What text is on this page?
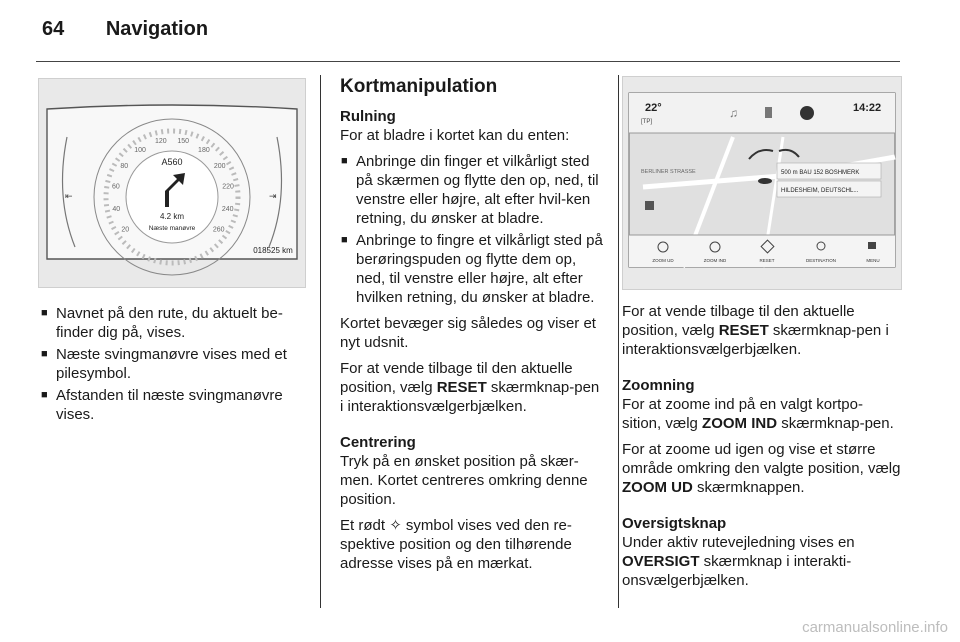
64 Navigation
20
40
60
80
100
120 150
180
200
220
240
260
A560
4.2 km
Næste manøvre
018525 km
⇤	⇥
22°
[TP]
♫	14:22
BERLINER STRASSE	500 m BAU 152 BOSHMERK
HILDESHEIM, DEUTSCHL...
ZOOM UD	ZOOM IND	RESET	DESTINATION	MENU
■ Navnet på den rute, du aktuelt be-finder dig på, vises.
■ Næste svingmanøvre vises med et pilesymbol.
■ Afstanden til næste svingmanøvre vises.
Kortmanipulation
Rulning

For at bladre i kortet kan du enten:

■ Anbringe din finger et vilkårligt sted på skærmen og flytte den op, ned, til venstre eller højre, alt efter hvil-ken retning, du ønsker at bladre.
■ Anbringe to fingre et vilkårligt sted på berøringspuden og flytte dem op, ned, til venstre eller højre, alt efter hvilken retning, du ønsker at bladre.

Kortet bevæger sig således og viser et nyt udsnit.

For at vende tilbage til den aktuelle position, vælg RESET skærmknap-pen i interaktionsvælgerbjælken.

Centrering

Tryk på en ønsket position på skær-men. Kortet centreres omkring denne position.

Et rødt ✧ symbol vises ved den re-spektive position og den tilhørende adresse vises på en mærkat.

For at vende tilbage til den aktuelle position, vælg RESET skærmknap-pen i interaktionsvælgerbjælken.

Zoomning

For at zoome ind på en valgt kortpo-sition, vælg ZOOM IND skærmknap-pen.

For at zoome ud igen og vise et større område omkring den valgte position, vælg ZOOM UD skærmknappen.

Oversigtsknap

Under aktiv rutevejledning vises en OVERSIGT skærmknap i interakti-onsvælgerbjælken.

carmanualsonline.info
